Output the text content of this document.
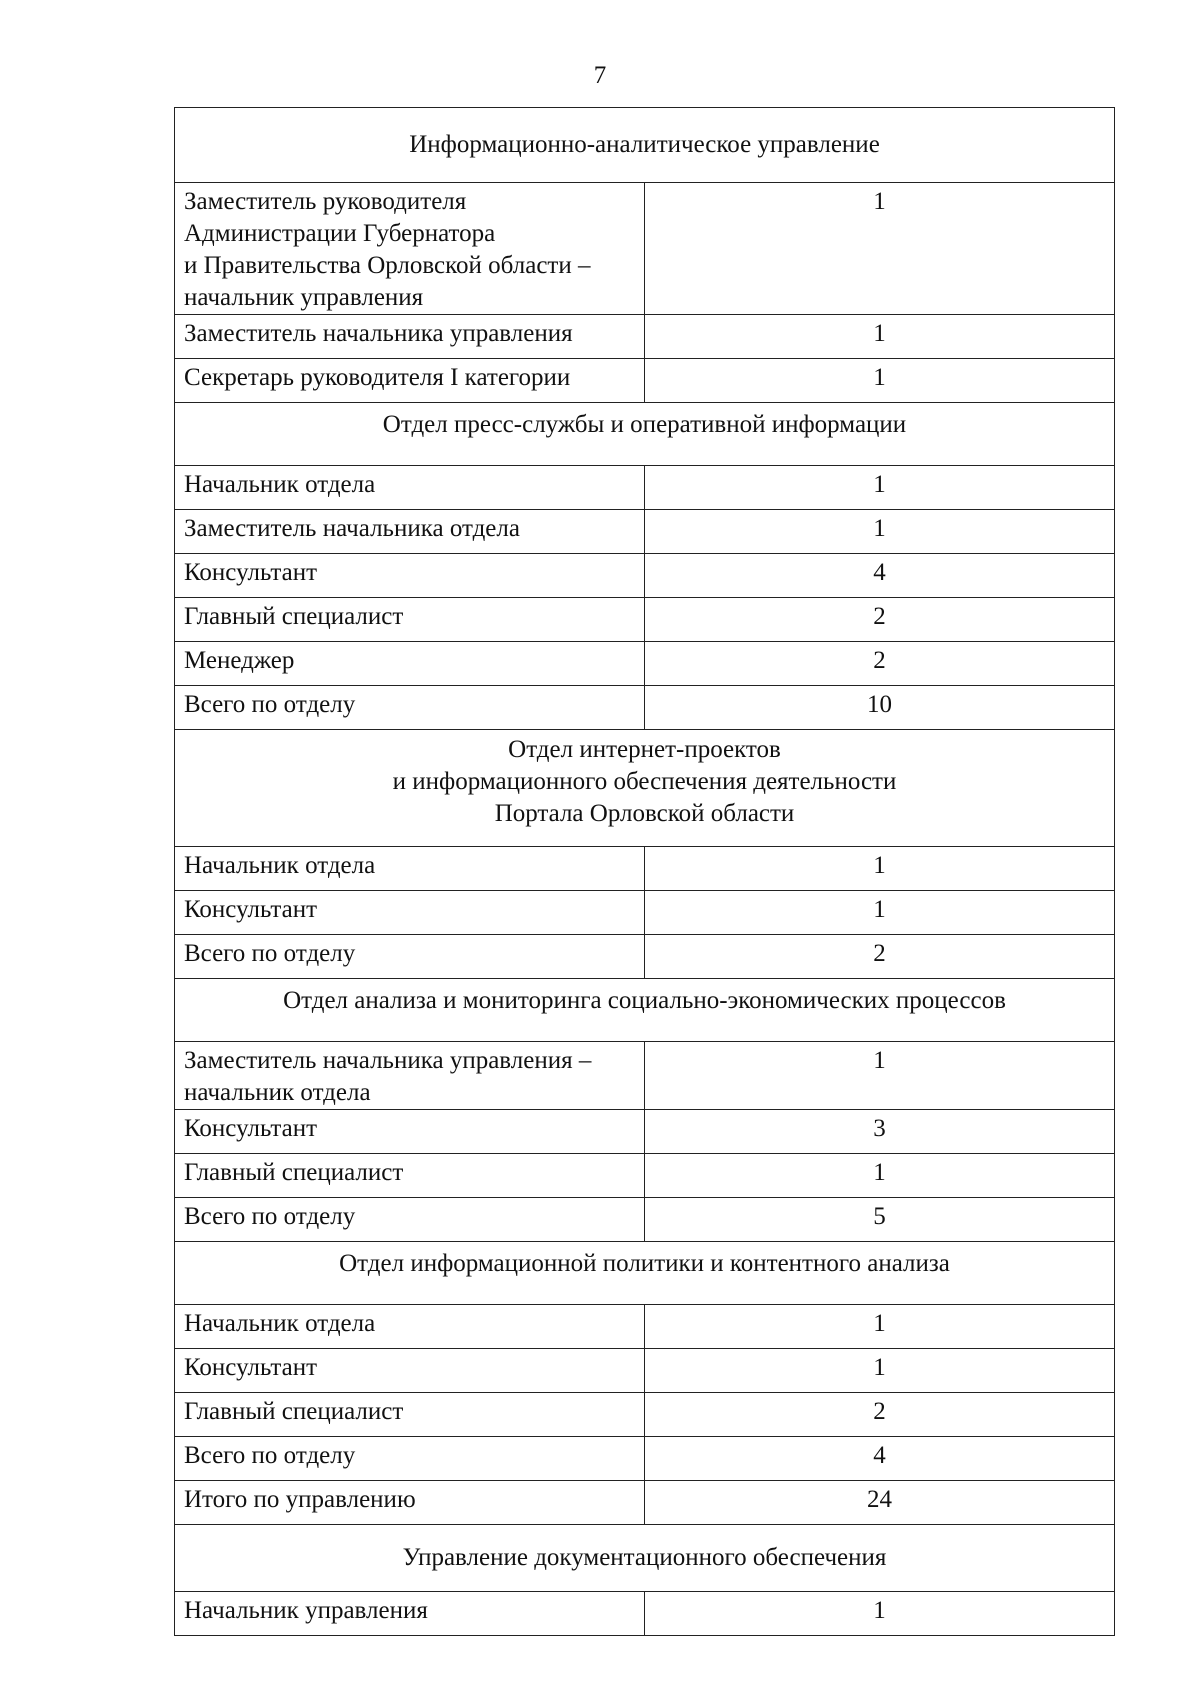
7
Информационно-аналитическое управление	

Заместитель руководителя Администрации Губернатора
и Правительства Орловской области – начальник управления	1
Заместитель начальника управления	1
Секретарь руководителя I категории	1
Отдел пресс-службы и оперативной информации	
Начальник отдела	1
Заместитель начальника отдела	1
Консультант	4
Главный специалист	2
Менеджер	2
Всего по отделу	10

Отдел интернет-проектов
и информационного обеспечения деятельности
Портала Орловской области	

Начальник отдела	1
Консультант	1
Всего по отделу	2
Отдел анализа и мониторинга социально-экономических процессов	
Заместитель начальника управления – начальник отдела	1
Консультант	3
Главный специалист	1
Всего по отделу	5
Отдел информационной политики и контентного анализа	
Начальник отдела	1
Консультант	1
Главный специалист	2
Всего по отделу	4
Итого по управлению	24
Управление документационного обеспечения	
Начальник управления	1
